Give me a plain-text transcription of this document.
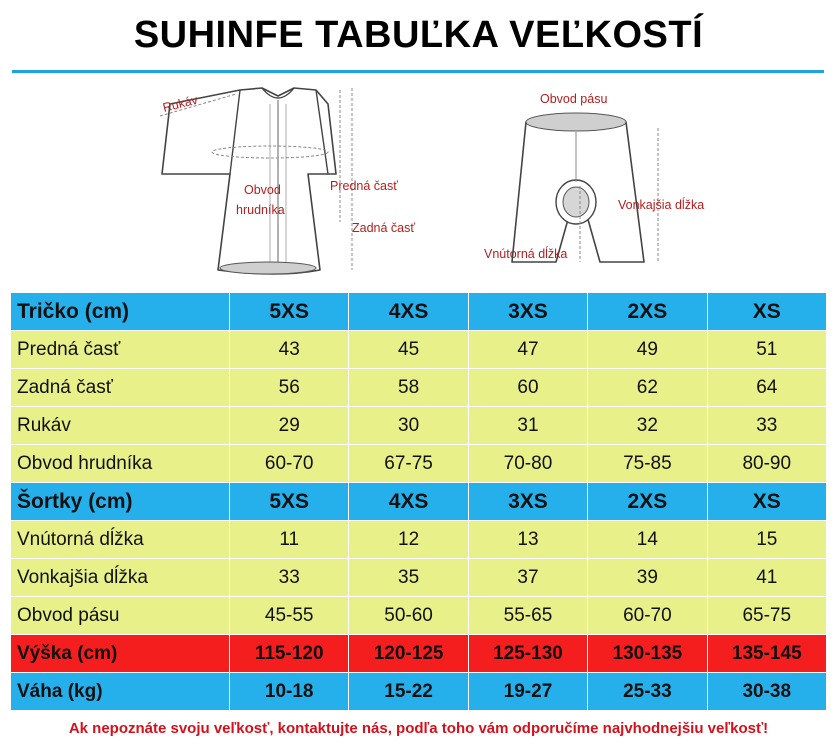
SUHINFE TABUĽKA VEĽKOSTÍ
Rukáv
Predná časť
Obvod
hrudníka
Zadná časť
Obvod pásu
Vonkajšia dĺžka
Vnútorná dĺžka
Tričko (cm)	5XS	4XS	3XS	2XS	XS
Predná časť	43	45	47	49	51
Zadná časť	56	58	60	62	64
Rukáv	29	30	31	32	33
Obvod hrudníka	60-70	67-75	70-80	75-85	80-90
Šortky (cm)	5XS	4XS	3XS	2XS	XS
Vnútorná dĺžka	11	12	13	14	15
Vonkajšia dĺžka	33	35	37	39	41
Obvod pásu	45-55	50-60	55-65	60-70	65-75
Výška (cm)	115-120	120-125	125-130	130-135	135-145
Váha (kg)	10-18	15-22	19-27	25-33	30-38
Ak nepoznáte svoju veľkosť, kontaktujte nás, podľa toho vám odporučíme najvhodnejšiu veľkosť!
